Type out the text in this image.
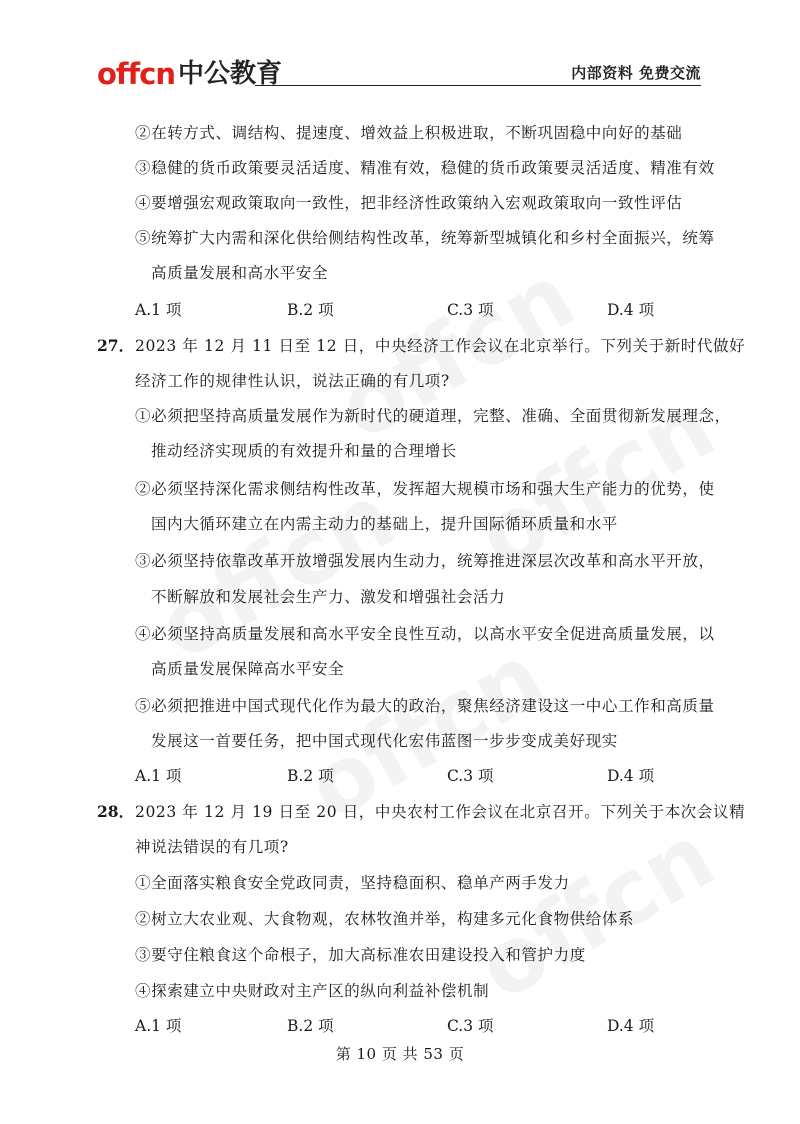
offcn 中公教育	内部资料 免费交流
②在转方式、调结构、提速度、增效益上积极进取，不断巩固稳中向好的基础
③稳健的货币政策要灵活适度、精准有效，稳健的货币政策要灵活适度、精准有效
④要增强宏观政策取向一致性，把非经济性政策纳入宏观政策取向一致性评估
⑤统筹扩大内需和深化供给侧结构性改革，统筹新型城镇化和乡村全面振兴，统筹
高质量发展和高水平安全
A.1 项	B.2 项	C.3 项	D.4 项
27． 2023 年 12 月 11 日至 12 日，中央经济工作会议在北京举行。下列关于新时代做好
经济工作的规律性认识，说法正确的有几项?
①必须把坚持高质量发展作为新时代的硬道理，完整、准确、全面贯彻新发展理念，
推动经济实现质的有效提升和量的合理增长
②必须坚持深化需求侧结构性改革，发挥超大规模市场和强大生产能力的优势，使
国内大循环建立在内需主动力的基础上，提升国际循环质量和水平
③必须坚持依靠改革开放增强发展内生动力，统筹推进深层次改革和高水平开放，
不断解放和发展社会生产力、激发和增强社会活力
④必须坚持高质量发展和高水平安全良性互动，以高水平安全促进高质量发展，以
高质量发展保障高水平安全
⑤必须把推进中国式现代化作为最大的政治，聚焦经济建设这一中心工作和高质量
发展这一首要任务，把中国式现代化宏伟蓝图一步步变成美好现实
A.1 项	B.2 项	C.3 项	D.4 项
28． 2023 年 12 月 19 日至 20 日，中央农村工作会议在北京召开。下列关于本次会议精
神说法错误的有几项?
①全面落实粮食安全党政同责，坚持稳面积、稳单产两手发力
②树立大农业观、大食物观，农林牧渔并举，构建多元化食物供给体系
③要守住粮食这个命根子，加大高标准农田建设投入和管护力度
④探索建立中央财政对主产区的纵向利益补偿机制
A.1 项	B.2 项	C.3 项	D.4 项
第 10 页 共 53 页
